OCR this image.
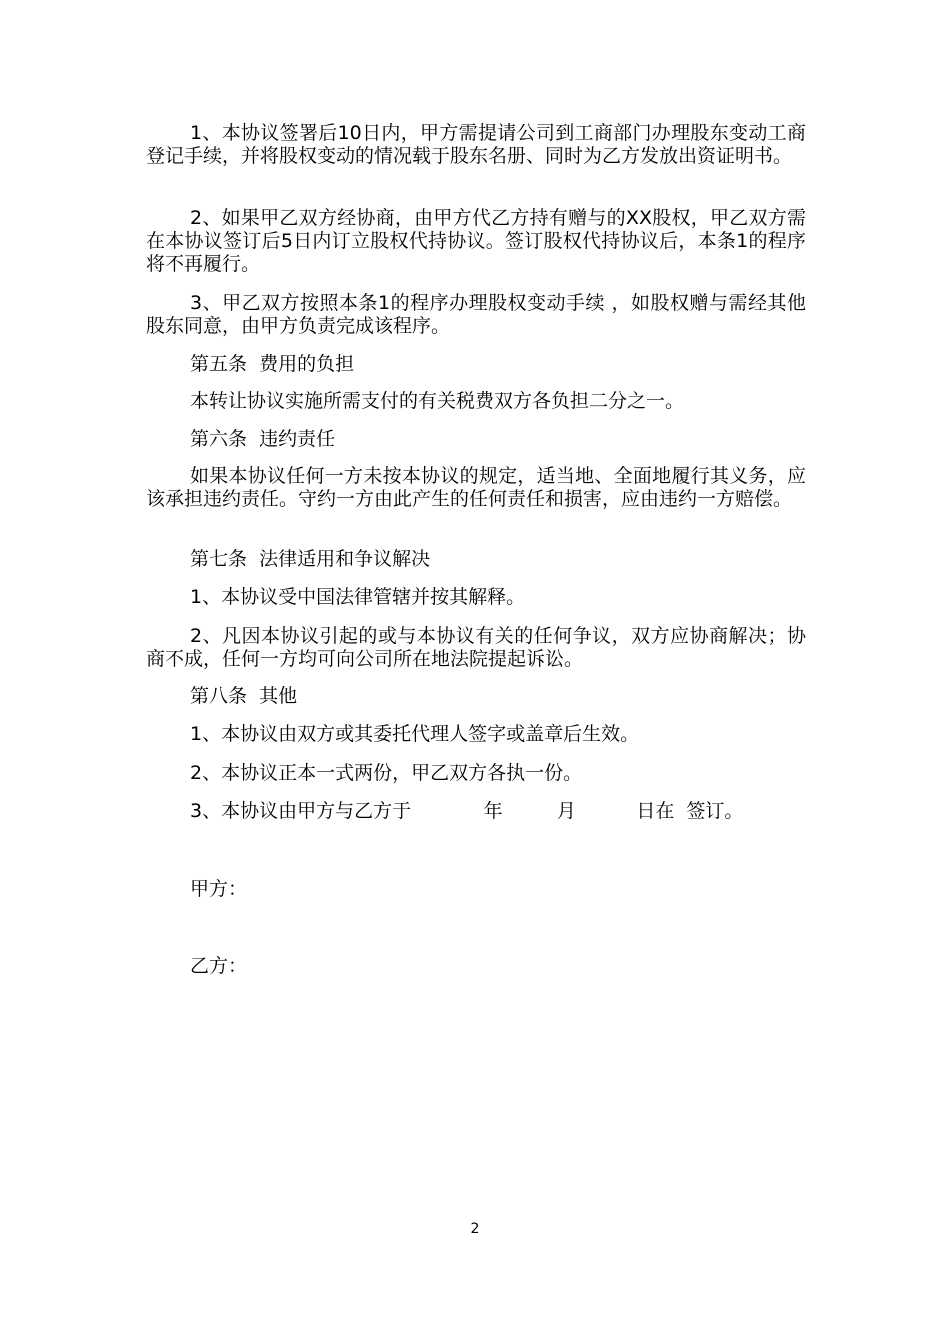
1、本协议签署后10日内，甲方需提请公司到工商部门办理股东变动工商登记手续，并将股权变动的情况载于股东名册、同时为乙方发放出资证明书。
2、如果甲乙双方经协商，由甲方代乙方持有赠与的XX股权，甲乙双方需在本协议签订后5日内订立股权代持协议。签订股权代持协议后，本条1的程序将不再履行。
3、甲乙双方按照本条1的程序办理股权变动手续 ，如股权赠与需经其他股东同意，由甲方负责完成该程序。
第五条  费用的负担
本转让协议实施所需支付的有关税费双方各负担二分之一。
第六条  违约责任
如果本协议任何一方未按本协议的规定，适当地、全面地履行其义务，应该承担违约责任。守约一方由此产生的任何责任和损害，应由违约一方赔偿。
第七条  法律适用和争议解决
1、本协议受中国法律管辖并按其解释。
2、凡因本协议引起的或与本协议有关的任何争议，双方应协商解决；协商不成，任何一方均可向公司所在地法院提起诉讼。
第八条  其他
1、本协议由双方或其委托代理人签字或盖章后生效。
2、本协议正本一式两份，甲乙双方各执一份。
3、本协议由甲方与乙方于            年         月          日在  签订。
甲方：
乙方：
2
